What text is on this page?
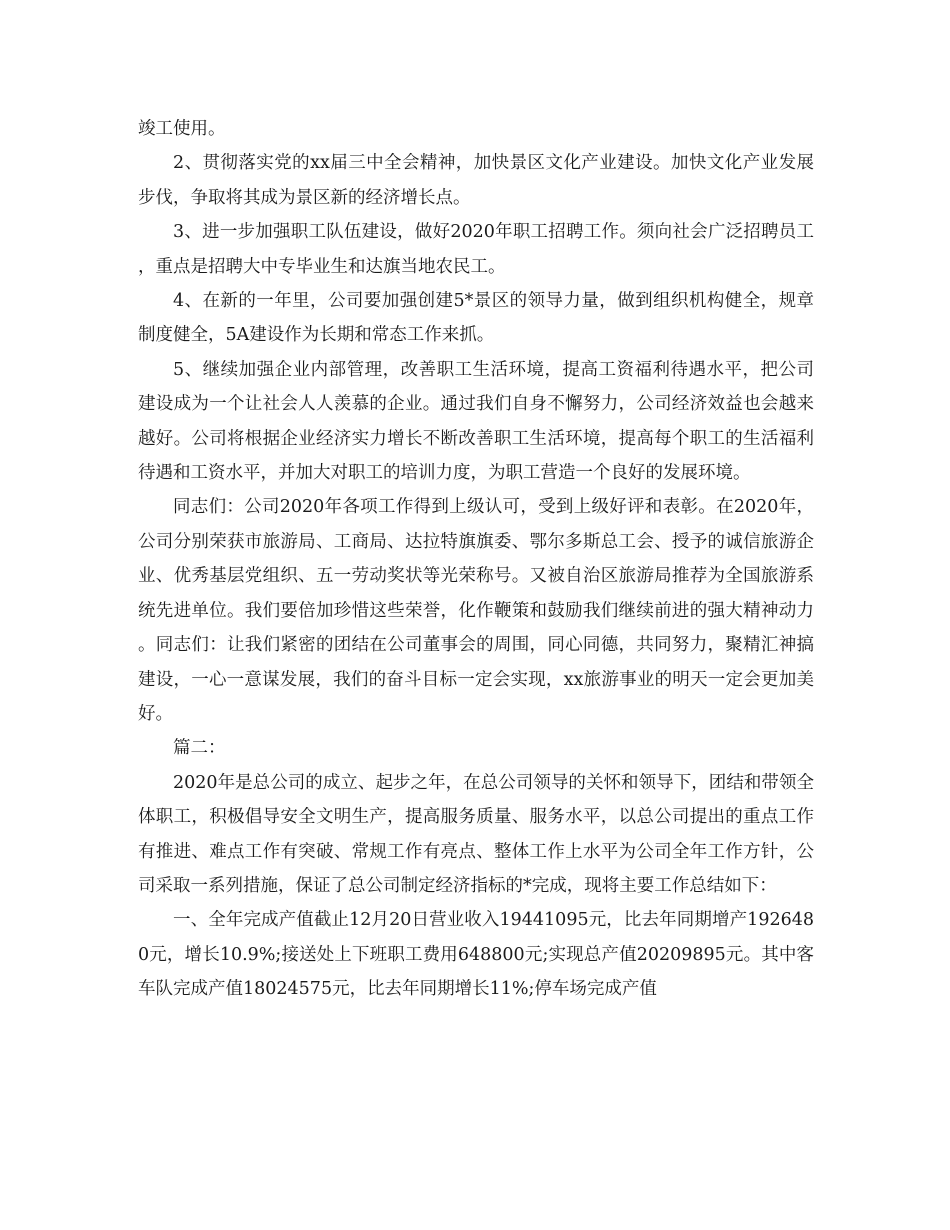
竣工使用。

2、贯彻落实党的xx届三中全会精神，加快景区文化产业建设。加快文化产业发展步伐，争取将其成为景区新的经济增长点。

3、进一步加强职工队伍建设，做好2020年职工招聘工作。须向社会广泛招聘员工，重点是招聘大中专毕业生和达旗当地农民工。

4、在新的一年里，公司要加强创建5*景区的领导力量，做到组织机构健全，规章制度健全，5A建设作为长期和常态工作来抓。

5、继续加强企业内部管理，改善职工生活环境，提高工资福利待遇水平，把公司建设成为一个让社会人人羡慕的企业。通过我们自身不懈努力，公司经济效益也会越来越好。公司将根据企业经济实力增长不断改善职工生活环境，提高每个职工的生活福利待遇和工资水平，并加大对职工的培训力度，为职工营造一个良好的发展环境。

同志们：公司2020年各项工作得到上级认可，受到上级好评和表彰。在2020年，公司分别荣获市旅游局、工商局、达拉特旗旗委、鄂尔多斯总工会、授予的诚信旅游企业、优秀基层党组织、五一劳动奖状等光荣称号。又被自治区旅游局推荐为全国旅游系统先进单位。我们要倍加珍惜这些荣誉，化作鞭策和鼓励我们继续前进的强大精神动力。同志们：让我们紧密的团结在公司董事会的周围，同心同德，共同努力，聚精汇神搞建设，一心一意谋发展，我们的奋斗目标一定会实现，xx旅游事业的明天一定会更加美好。

篇二：

2020年是总公司的成立、起步之年，在总公司领导的关怀和领导下，团结和带领全体职工，积极倡导安全文明生产，提高服务质量、服务水平，以总公司提出的重点工作有推进、难点工作有突破、常规工作有亮点、整体工作上水平为公司全年工作方针，公司采取一系列措施，保证了总公司制定经济指标的*完成，现将主要工作总结如下：

一、全年完成产值截止12月20日营业收入19441095元，比去年同期增产1926480元，增长10.9%;接送处上下班职工费用648800元;实现总产值20209895元。其中客车队完成产值18024575元，比去年同期增长11%;停车场完成产值
